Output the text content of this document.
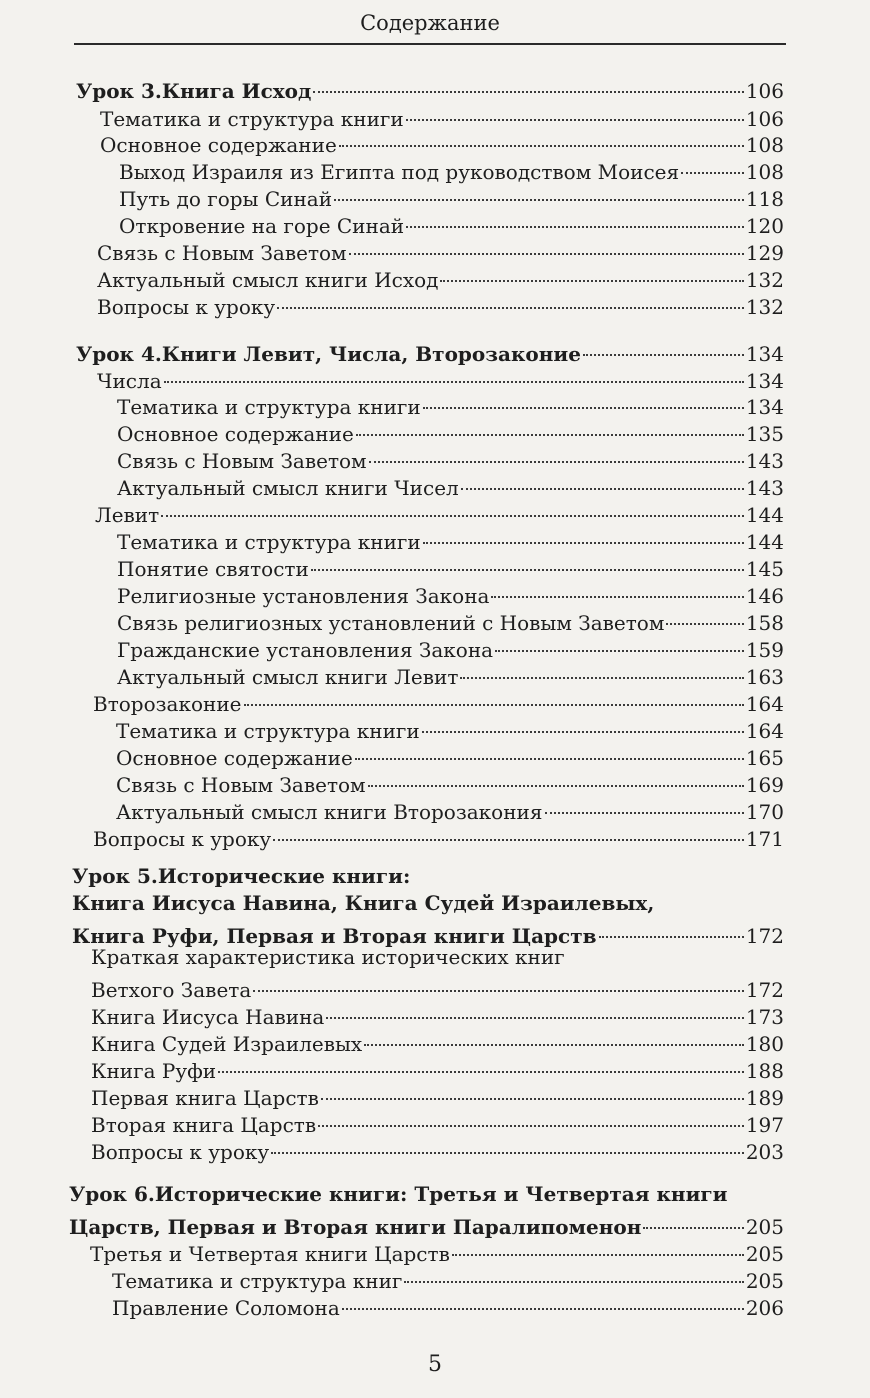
Содержание
Урок 3.Книга Исход	106
Тематика и структура книги	106
Основное содержание	108
Выход Израиля из Египта под руководством Моисея	108
Путь до горы Синай	118
Откровение на горе Синай	120
Связь с Новым Заветом	129
Актуальный смысл книги Исход	132
Вопросы к уроку	132
Урок 4.Книги Левит, Числа, Второзаконие	134
Числа	134
Тематика и структура книги	134
Основное содержание	135
Связь с Новым Заветом	143
Актуальный смысл книги Чисел	143
Левит	144
Тематика и структура книги	144
Понятие святости	145
Религиозные установления Закона	146
Связь религиозных установлений с Новым Заветом	158
Гражданские установления Закона	159
Актуальный смысл книги Левит	163
Второзаконие	164
Тематика и структура книги	164
Основное содержание	165
Связь с Новым Заветом	169
Актуальный смысл книги Второзакония	170
Вопросы к уроку	171
Урок 5.Исторические книги:
Книга Иисуса Навина, Книга Судей Израилевых,
Книга Руфи, Первая и Вторая книги Царств	172
Краткая характеристика исторических книг
Ветхого Завета	172
Книга Иисуса Навина	173
Книга Судей Израилевых	180
Книга Руфи	188
Первая книга Царств	189
Вторая книга Царств	197
Вопросы к уроку	203
Урок 6.Исторические книги: Третья и Четвертая книги
Царств, Первая и Вторая книги Паралипоменон	205
Третья и Четвертая книги Царств	205
Тематика и структура книг	205
Правление Соломона	206
5
